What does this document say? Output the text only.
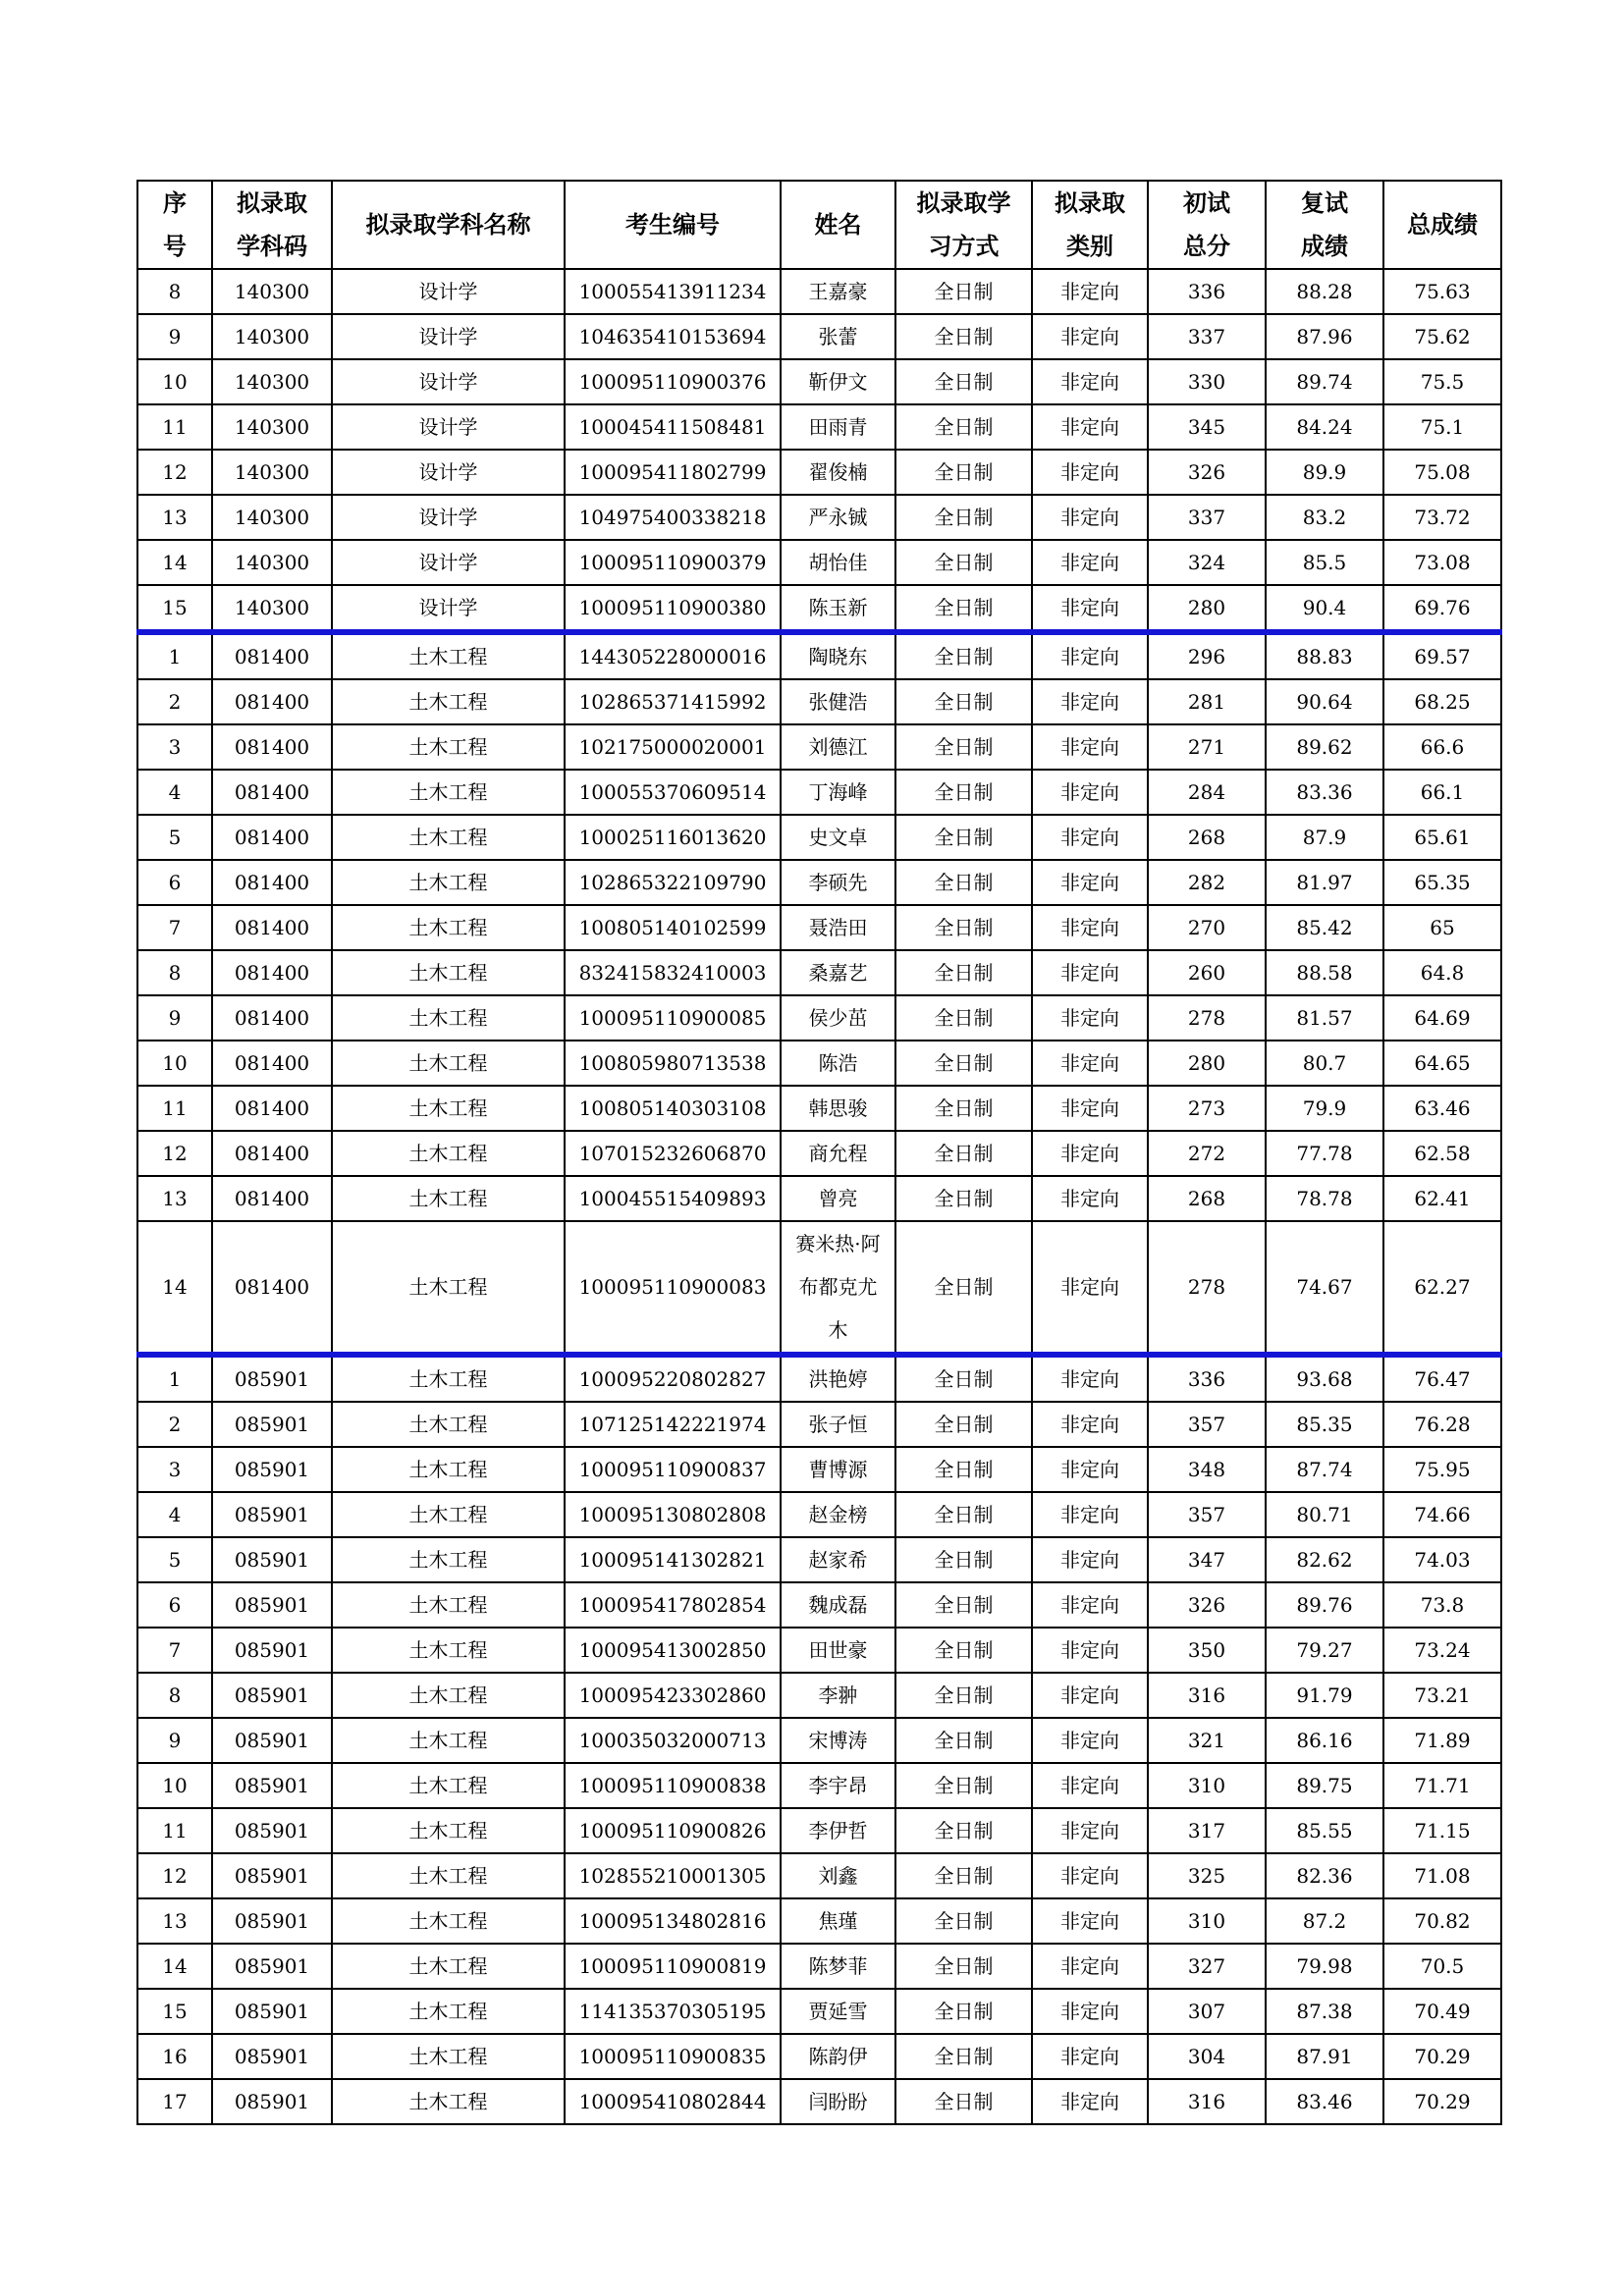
序号	拟录取学科码	拟录取学科名称	考生编号	姓名	拟录取学习方式	拟录取类别	初试总分	复试成绩	总成绩
8	140300	设计学	100055413911234	王嘉豪	全日制	非定向	336	88.28	75.63
9	140300	设计学	104635410153694	张蕾	全日制	非定向	337	87.96	75.62
10	140300	设计学	100095110900376	靳伊文	全日制	非定向	330	89.74	75.5
11	140300	设计学	100045411508481	田雨青	全日制	非定向	345	84.24	75.1
12	140300	设计学	100095411802799	翟俊楠	全日制	非定向	326	89.9	75.08
13	140300	设计学	104975400338218	严永铖	全日制	非定向	337	83.2	73.72
14	140300	设计学	100095110900379	胡怡佳	全日制	非定向	324	85.5	73.08
15	140300	设计学	100095110900380	陈玉新	全日制	非定向	280	90.4	69.76
1	081400	土木工程	144305228000016	陶晓东	全日制	非定向	296	88.83	69.57
2	081400	土木工程	102865371415992	张健浩	全日制	非定向	281	90.64	68.25
3	081400	土木工程	102175000020001	刘德江	全日制	非定向	271	89.62	66.6
4	081400	土木工程	100055370609514	丁海峰	全日制	非定向	284	83.36	66.1
5	081400	土木工程	100025116013620	史文卓	全日制	非定向	268	87.9	65.61
6	081400	土木工程	102865322109790	李硕先	全日制	非定向	282	81.97	65.35
7	081400	土木工程	100805140102599	聂浩田	全日制	非定向	270	85.42	65
8	081400	土木工程	832415832410003	桑嘉艺	全日制	非定向	260	88.58	64.8
9	081400	土木工程	100095110900085	侯少茁	全日制	非定向	278	81.57	64.69
10	081400	土木工程	100805980713538	陈浩	全日制	非定向	280	80.7	64.65
11	081400	土木工程	100805140303108	韩思骏	全日制	非定向	273	79.9	63.46
12	081400	土木工程	107015232606870	商允程	全日制	非定向	272	77.78	62.58
13	081400	土木工程	100045515409893	曾亮	全日制	非定向	268	78.78	62.41
14	081400	土木工程	100095110900083	赛米热·阿布都克尤木	全日制	非定向	278	74.67	62.27
1	085901	土木工程	100095220802827	洪艳婷	全日制	非定向	336	93.68	76.47
2	085901	土木工程	107125142221974	张子恒	全日制	非定向	357	85.35	76.28
3	085901	土木工程	100095110900837	曹博源	全日制	非定向	348	87.74	75.95
4	085901	土木工程	100095130802808	赵金榜	全日制	非定向	357	80.71	74.66
5	085901	土木工程	100095141302821	赵家希	全日制	非定向	347	82.62	74.03
6	085901	土木工程	100095417802854	魏成磊	全日制	非定向	326	89.76	73.8
7	085901	土木工程	100095413002850	田世豪	全日制	非定向	350	79.27	73.24
8	085901	土木工程	100095423302860	李翀	全日制	非定向	316	91.79	73.21
9	085901	土木工程	100035032000713	宋博涛	全日制	非定向	321	86.16	71.89
10	085901	土木工程	100095110900838	李宇昂	全日制	非定向	310	89.75	71.71
11	085901	土木工程	100095110900826	李伊哲	全日制	非定向	317	85.55	71.15
12	085901	土木工程	102855210001305	刘鑫	全日制	非定向	325	82.36	71.08
13	085901	土木工程	100095134802816	焦瑾	全日制	非定向	310	87.2	70.82
14	085901	土木工程	100095110900819	陈梦菲	全日制	非定向	327	79.98	70.5
15	085901	土木工程	114135370305195	贾延雪	全日制	非定向	307	87.38	70.49
16	085901	土木工程	100095110900835	陈韵伊	全日制	非定向	304	87.91	70.29
17	085901	土木工程	100095410802844	闫盼盼	全日制	非定向	316	83.46	70.29
